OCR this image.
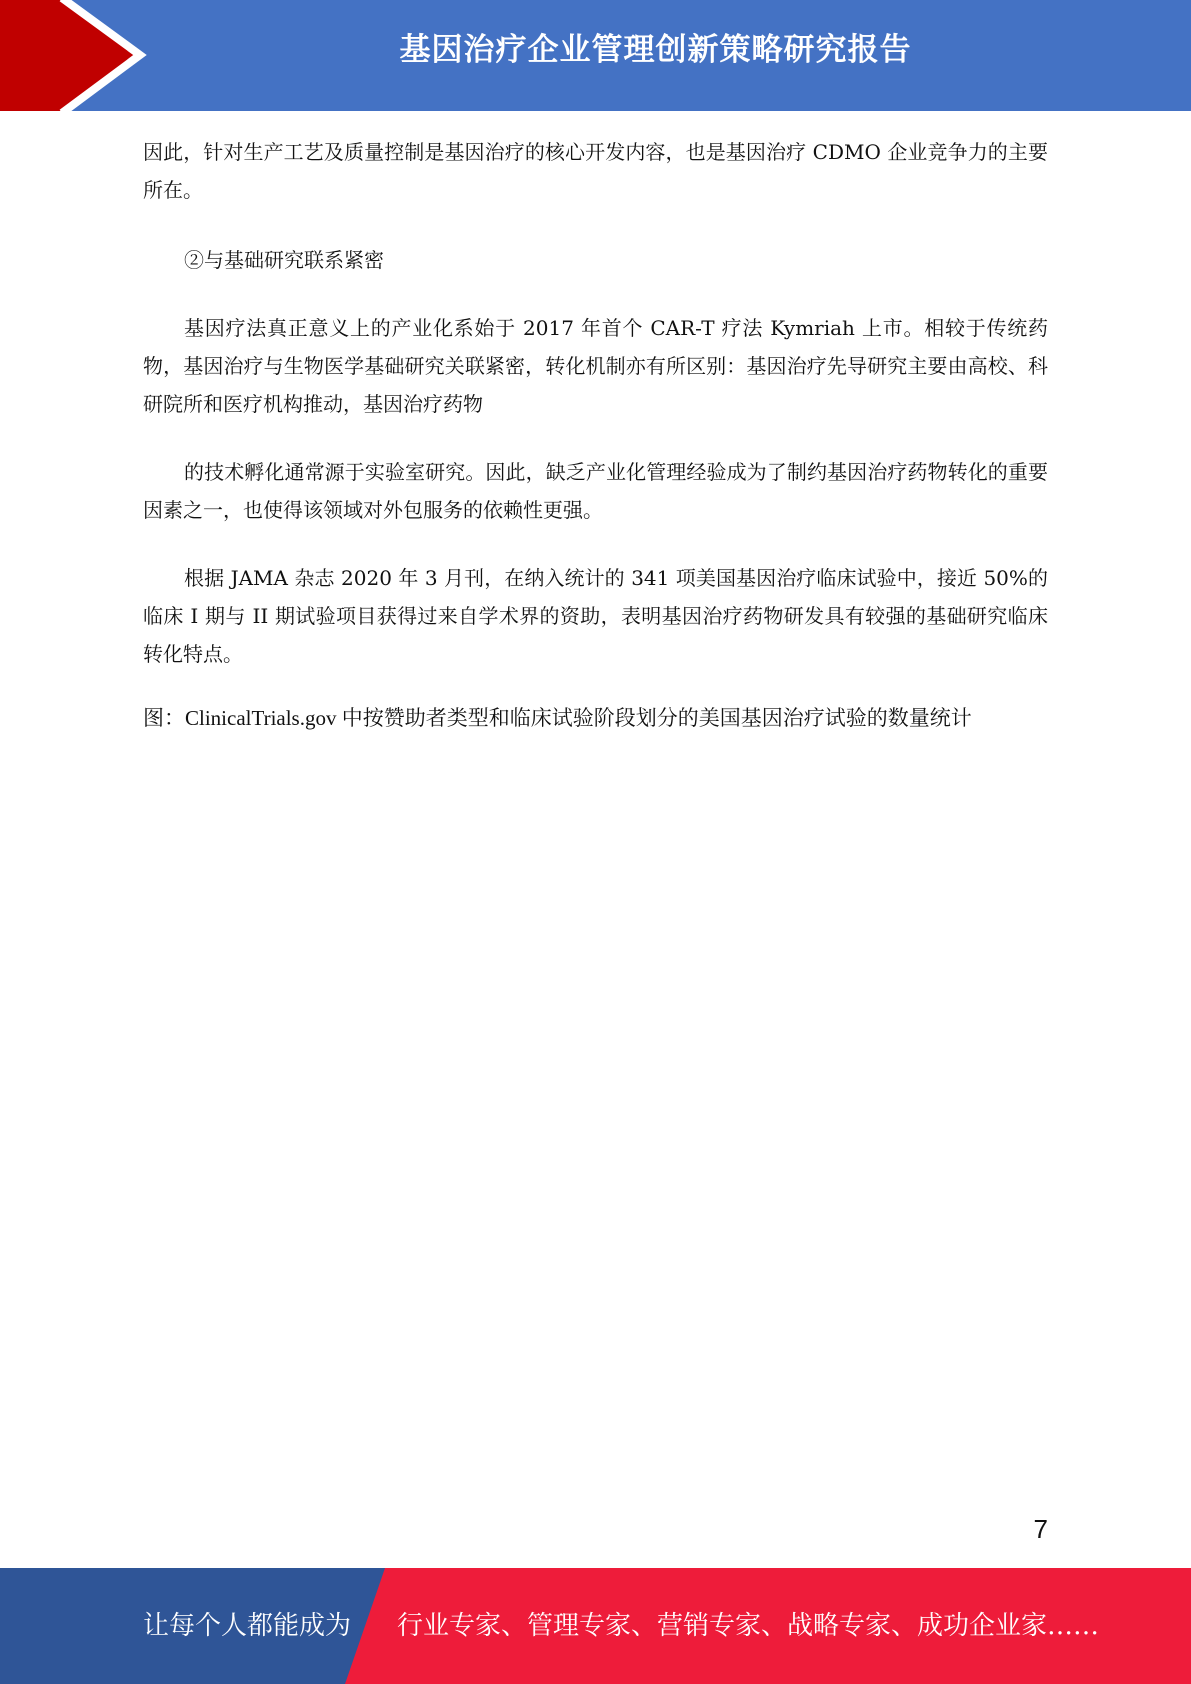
基因治疗企业管理创新策略研究报告

因此，针对生产工艺及质量控制是基因治疗的核心开发内容，也是基因治疗 CDMO 企业竞争力的主要所在。

②与基础研究联系紧密

基因疗法真正意义上的产业化系始于 2017 年首个 CAR-T 疗法 Kymriah 上市。相较于传统药物，基因治疗与生物医学基础研究关联紧密，转化机制亦有所区别：基因治疗先导研究主要由高校、科研院所和医疗机构推动，基因治疗药物

的技术孵化通常源于实验室研究。因此，缺乏产业化管理经验成为了制约基因治疗药物转化的重要因素之一，也使得该领域对外包服务的依赖性更强。

根据 JAMA 杂志 2020 年 3 月刊，在纳入统计的 341 项美国基因治疗临床试验中，接近 50%的临床 I 期与 II 期试验项目获得过来自学术界的资助，表明基因治疗药物研发具有较强的基础研究临床转化特点。

图：ClinicalTrials.gov 中按赞助者类型和临床试验阶段划分的美国基因治疗试验的数量统计

7
让每个人都能成为 行业专家、管理专家、营销专家、战略专家、成功企业家……
